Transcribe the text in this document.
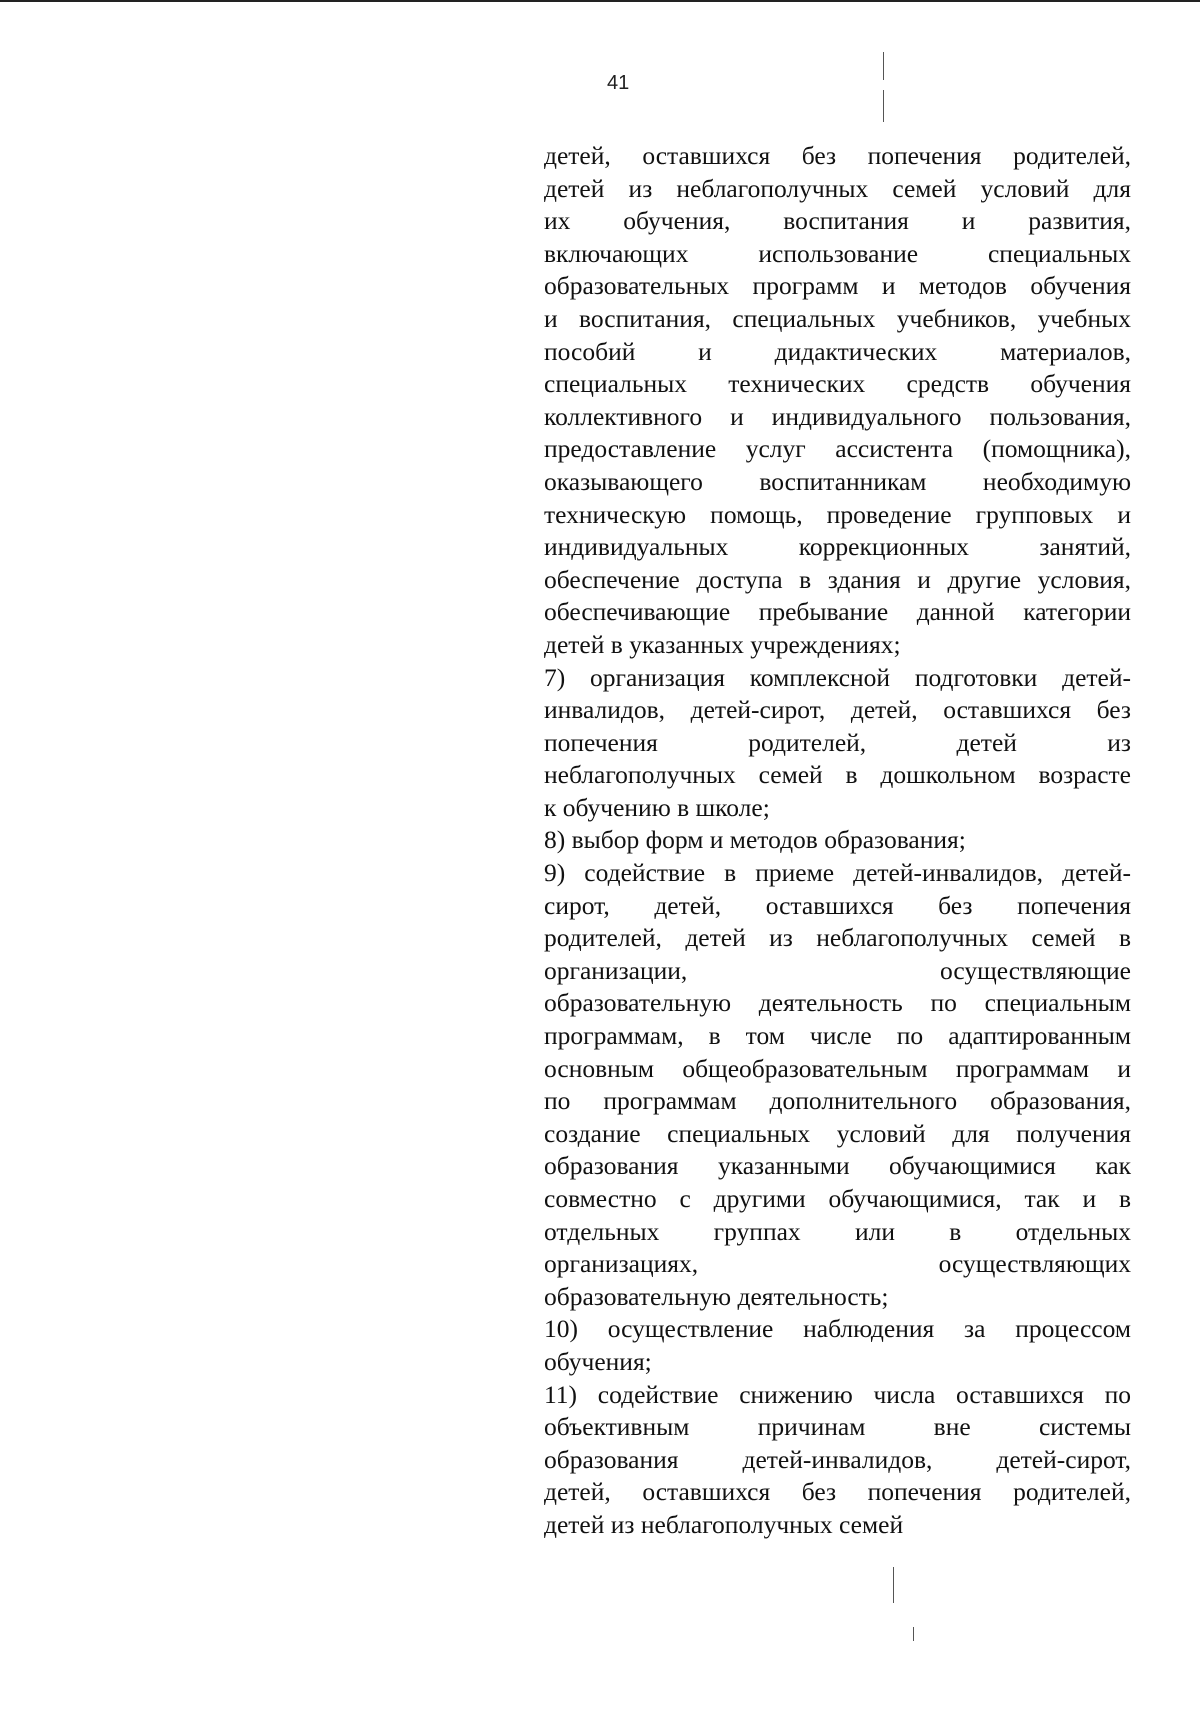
41
детей, оставшихся без попечения родителей,
детей из неблагополучных семей условий для
их обучения, воспитания и развития,
включающих использование специальных
образовательных программ и методов обучения
и воспитания, специальных учебников, учебных
пособий и дидактических материалов,
специальных технических средств обучения
коллективного и индивидуального пользования,
предоставление услуг ассистента (помощника),
оказывающего воспитанникам необходимую
техническую помощь, проведение групповых и
индивидуальных коррекционных занятий,
обеспечение доступа в здания и другие условия,
обеспечивающие пребывание данной категории
детей в указанных учреждениях;
7) организация комплексной подготовки детей-
инвалидов, детей-сирот, детей, оставшихся без
попечения родителей, детей из
неблагополучных семей в дошкольном возрасте
к обучению в школе;
8) выбор форм и методов образования;
9) содействие в приеме детей-инвалидов, детей-
сирот, детей, оставшихся без попечения
родителей, детей из неблагополучных семей в
организации, осуществляющие
образовательную деятельность по специальным
программам, в том числе по адаптированным
основным общеобразовательным программам и
по программам дополнительного образования,
создание специальных условий для получения
образования указанными обучающимися как
совместно с другими обучающимися, так и в
отдельных группах или в отдельных
организациях, осуществляющих
образовательную деятельность;
10) осуществление наблюдения за процессом
обучения;
11) содействие снижению числа оставшихся по
объективным причинам вне системы
образования детей-инвалидов, детей-сирот,
детей, оставшихся без попечения родителей,
детей из неблагополучных семей
